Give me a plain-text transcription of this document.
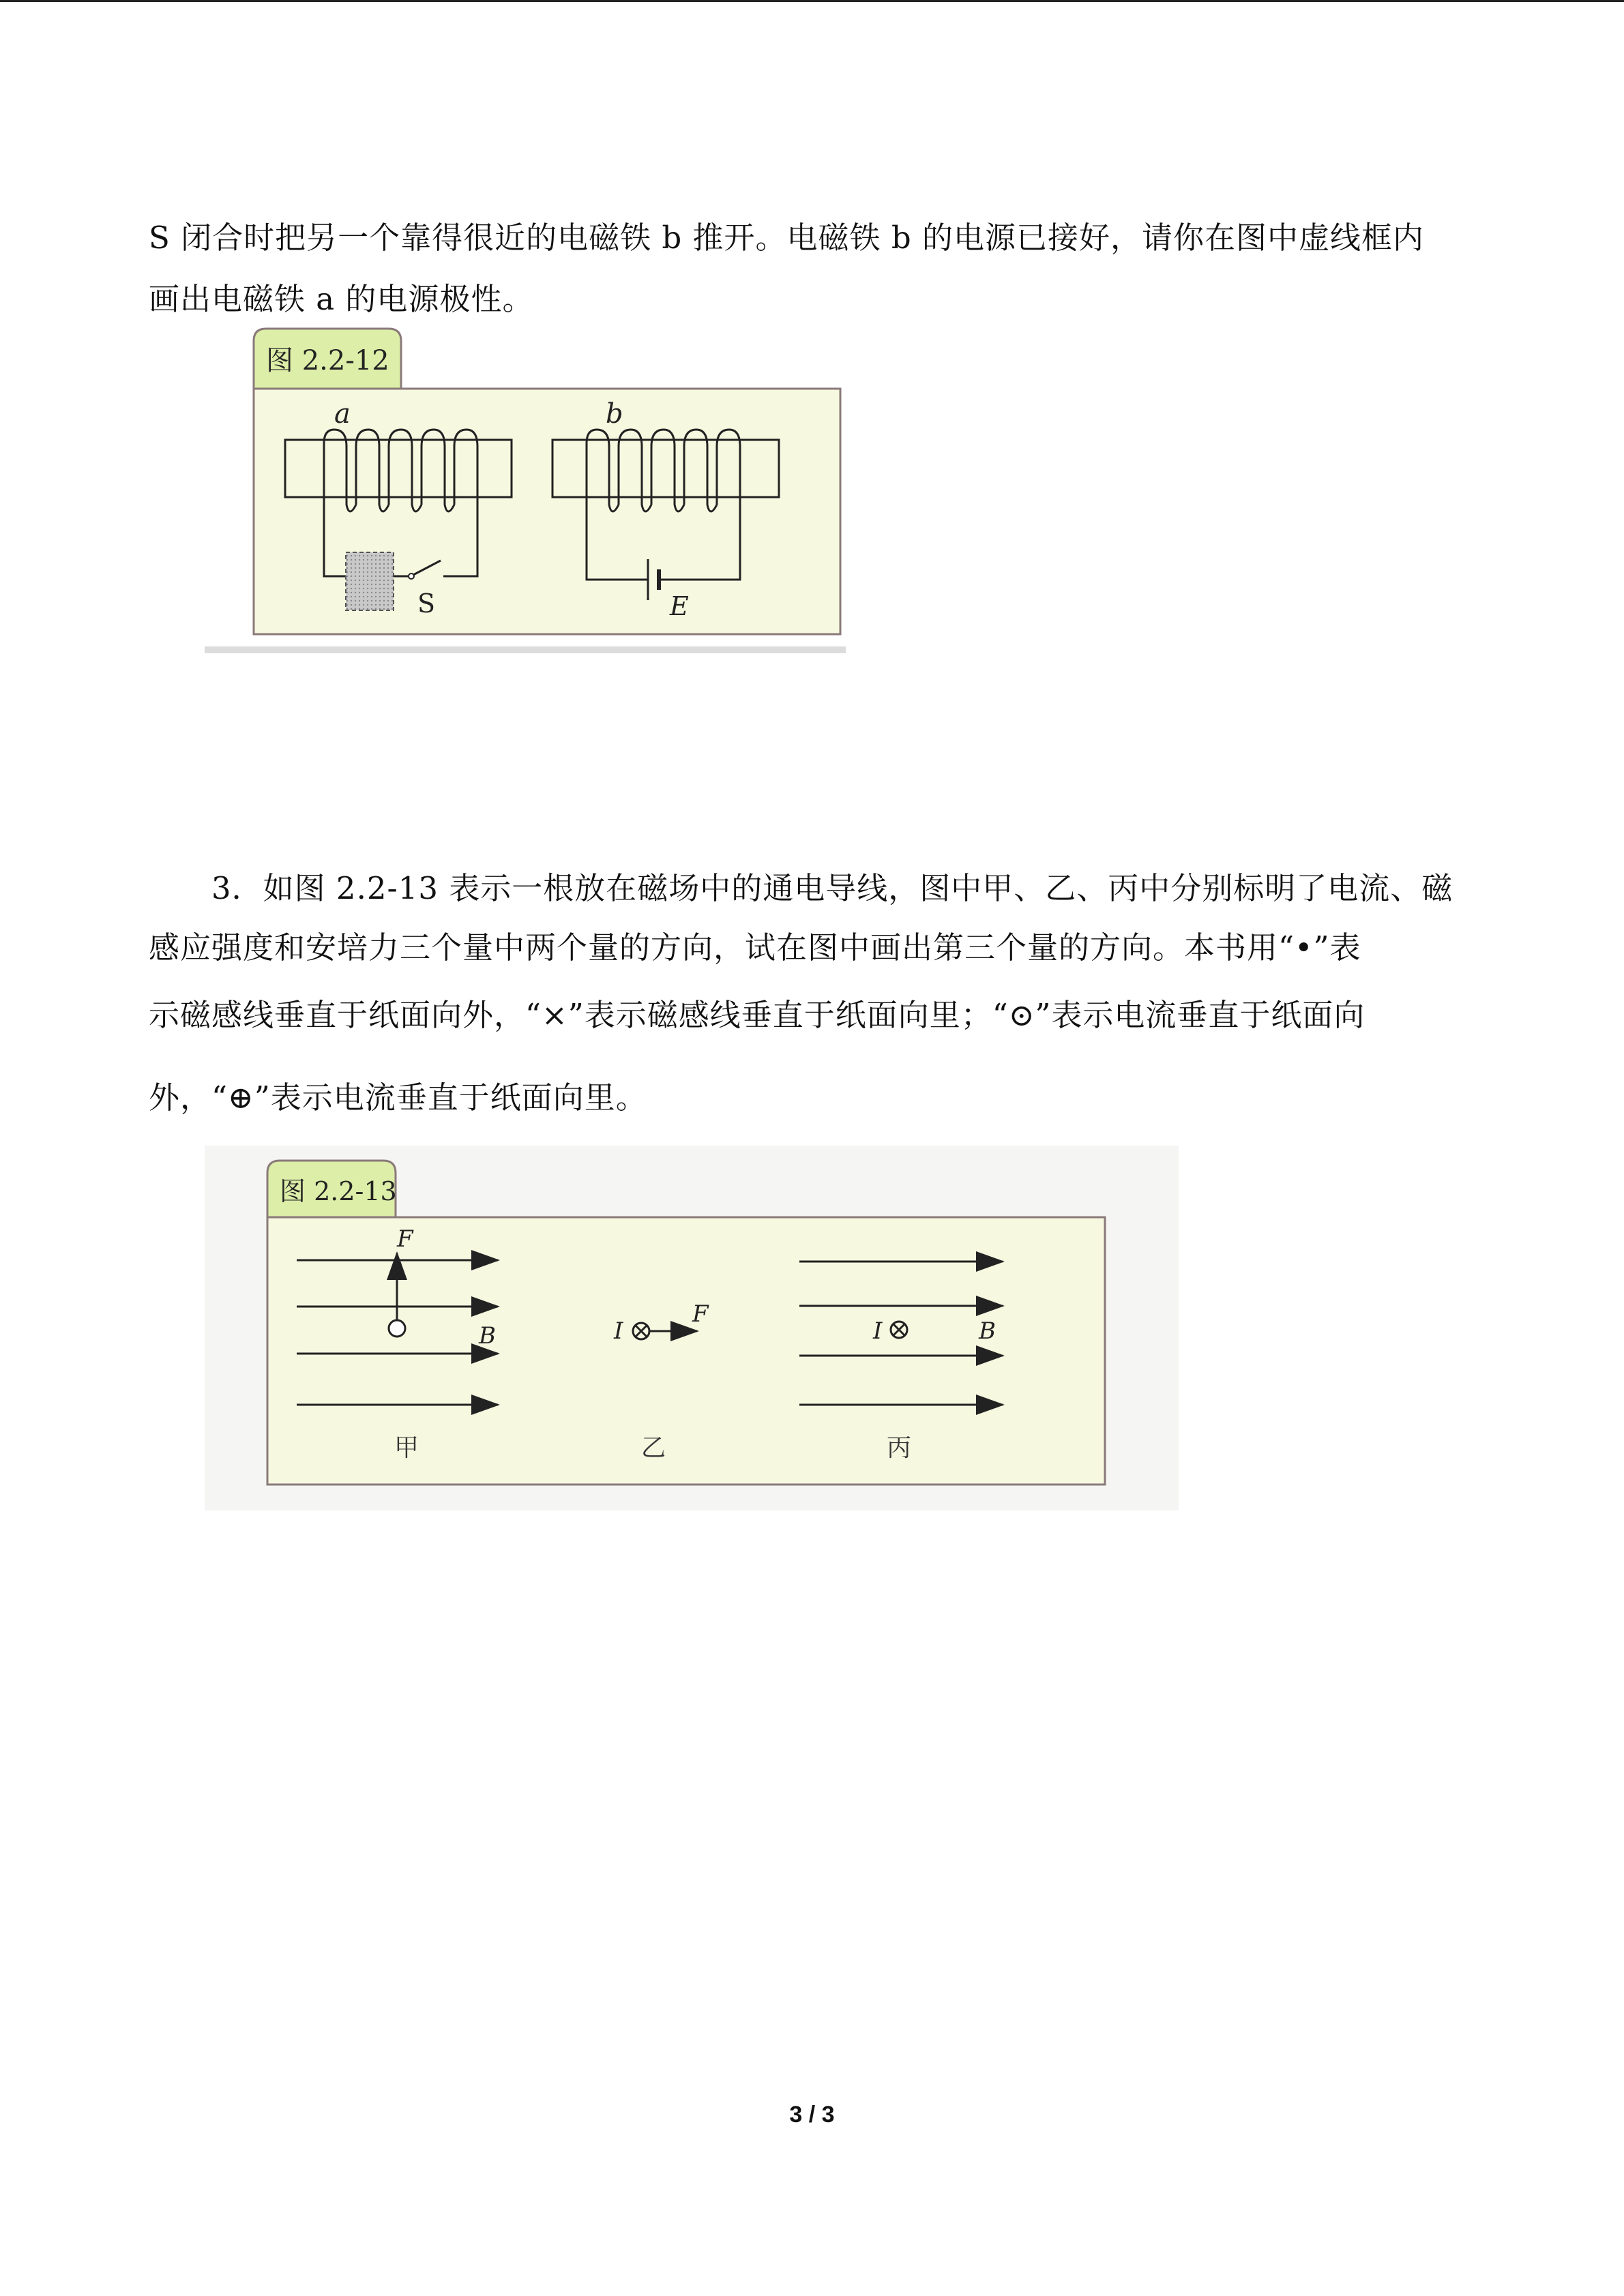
S 闭合时把另一个靠得很近的电磁铁 b 推开。电磁铁 b 的电源已接好，请你在图中虚线框内
画出电磁铁 a 的电源极性。
图 2.2-12
a
S
b
E
3．如图 2.2-13 表示一根放在磁场中的通电导线，图中甲、乙、丙中分别标明了电流、磁
感应强度和安培力三个量中两个量的方向，试在图中画出第三个量的方向。本书用“•”表
示磁感线垂直于纸面向外，“×”表示磁感线垂直于纸面向里；“⊙”表示电流垂直于纸面向
外，“⊕”表示电流垂直于纸面向里。
图 2.2-13
F
B
甲
I
F
乙
I	B
丙
3 / 3
